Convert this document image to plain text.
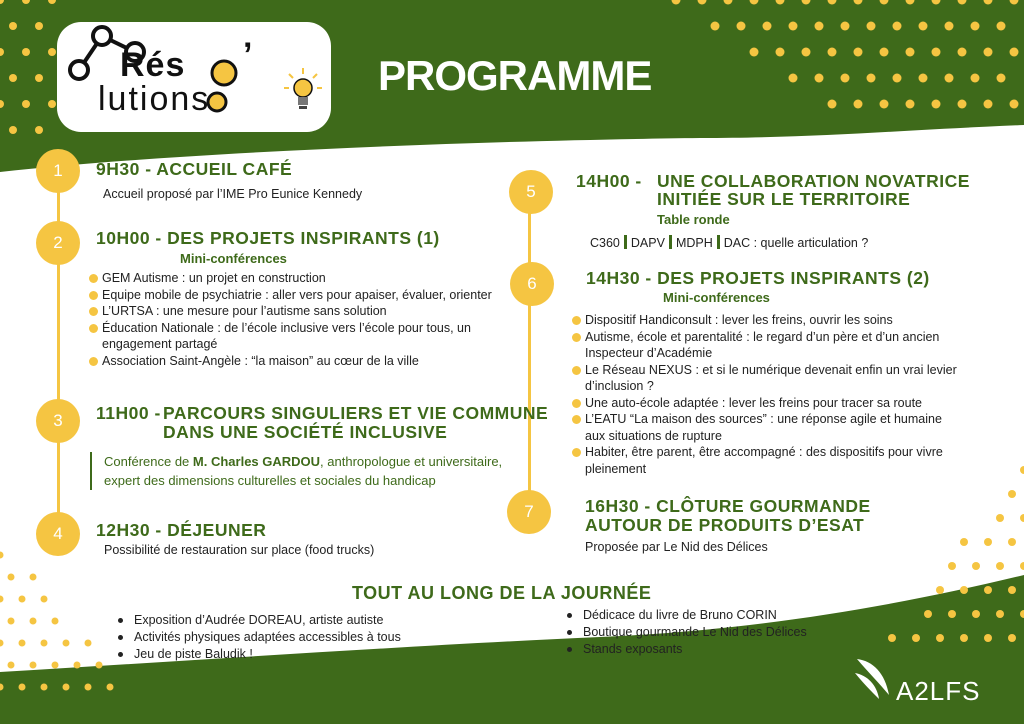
Rés ’
lutions	PROGRAMME
1	9H30 - ACCUEIL CAFÉ
Accueil proposé par l’IME Pro Eunice Kennedy
2	10H00 - DES PROJETS INSPIRANTS (1)
Mini-conférences
GEM Autisme : un projet en construction
Equipe mobile de psychiatrie : aller vers pour apaiser, évaluer, orienter
L’URTSA : une mesure pour l’autisme sans solution
Éducation Nationale : de l’école inclusive vers l’école pour tous, un engagement partagé
Association Saint-Angèle : “la maison” au cœur de la ville
3	11H00 - PARCOURS SINGULIERS ET VIE COMMUNE
DANS UNE SOCIÉTÉ INCLUSIVE
Conférence de M. Charles GARDOU, anthropologue et universitaire, expert des dimensions culturelles et sociales du handicap
4	12H30 - DÉJEUNER
Possibilité de restauration sur place (food trucks)
5
14H00 - UNE COLLABORATION NOVATRICE
INITIÉE SUR LE TERRITOIRE
Table ronde
C360 DAPV MDPH DAC : quelle articulation ?
6	14H30 - DES PROJETS INSPIRANTS (2)
Mini-conférences
Dispositif Handiconsult : lever les freins, ouvrir les soins
Autisme, école et parentalité : le regard d’un père et d’un ancien Inspecteur d’Académie
Le Réseau NEXUS : et si le numérique devenait enfin un vrai levier d’inclusion ?
Une auto-école adaptée : lever les freins pour tracer sa route
L’EATU “La maison des sources” : une réponse agile et humaine aux situations de rupture
Habiter, être parent, être accompagné : des dispositifs pour vivre pleinement
7	16H30 - CLÔTURE GOURMANDE
AUTOUR DE PRODUITS D’ESAT
Proposée par Le Nid des Délices
TOUT AU LONG DE LA JOURNÉE
Exposition d’Audrée DOREAU, artiste autiste
Activités physiques adaptées accessibles à tous
Jeu de piste Baludik !
Dédicace du livre de Bruno CORIN
Boutique gourmande Le Nid des Délices
Stands exposants
A2LFS
